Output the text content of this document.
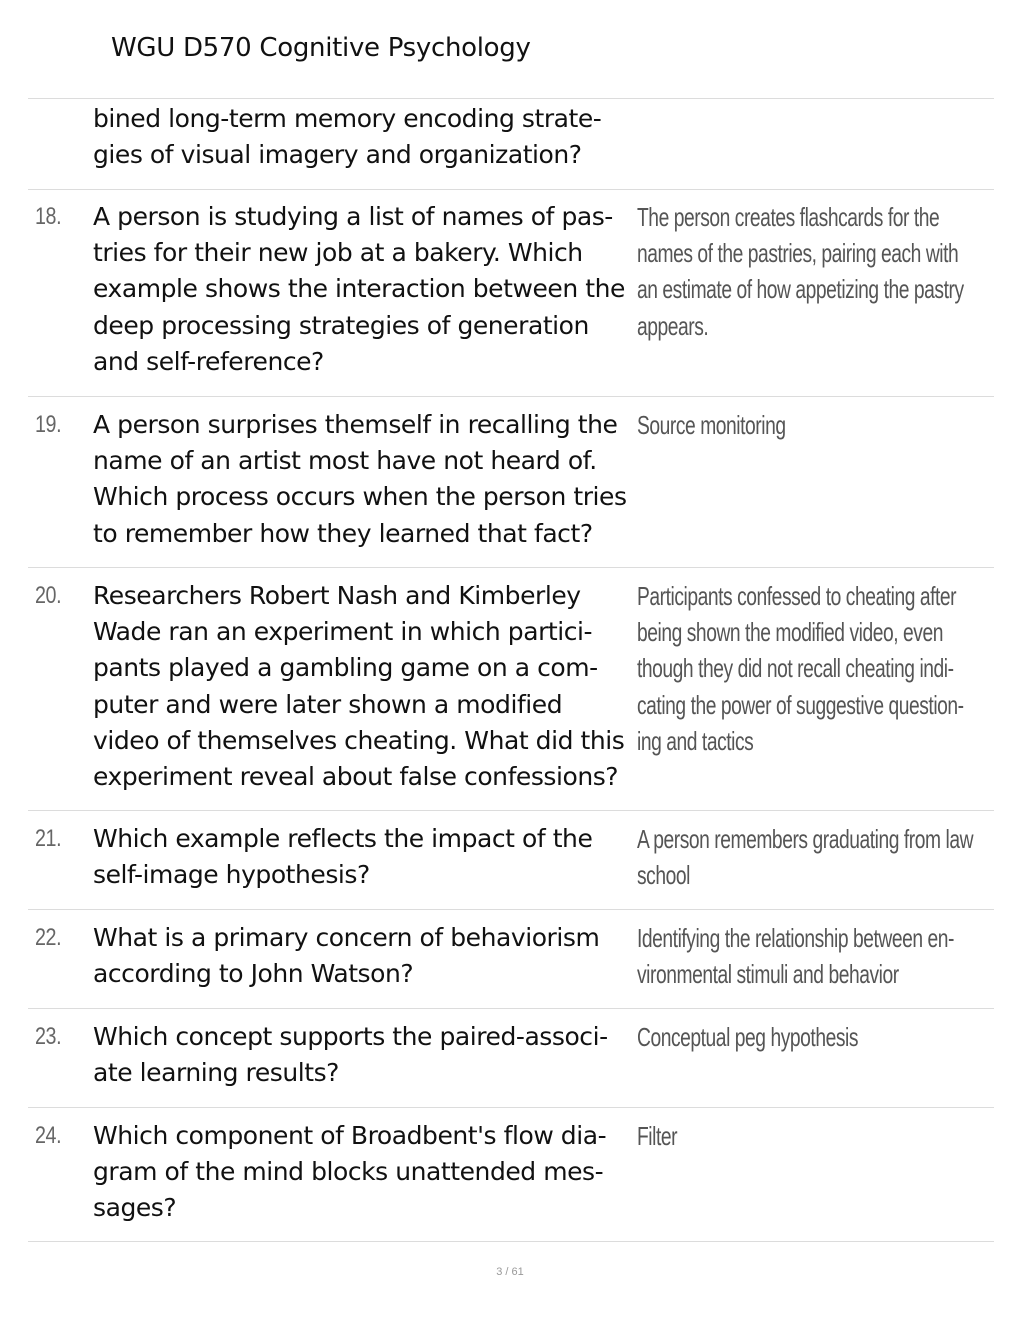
WGU D570 Cognitive Psychology
bined long-term memory encoding strate-
gies of visual imagery and organization?
18. A person is studying a list of names of pas-
tries for their new job at a bakery. Which
example shows the interaction between the
deep processing strategies of generation
and self-reference?
The person creates flashcards for the
names of the pastries, pairing each with
an estimate of how appetizing the pastry
appears.
19. A person surprises themself in recalling the
name of an artist most have not heard of.
Which process occurs when the person tries
to remember how they learned that fact?
Source monitoring
20. Researchers Robert Nash and Kimberley
Wade ran an experiment in which partici-
pants played a gambling game on a com-
puter and were later shown a modified
video of themselves cheating. What did this
experiment reveal about false confessions?
Participants confessed to cheating after
being shown the modified video, even
though they did not recall cheating indi-
cating the power of suggestive question-
ing and tactics
21. Which example reflects the impact of the
self-image hypothesis?
A person remembers graduating from law
school
22. What is a primary concern of behaviorism
according to John Watson?
Identifying the relationship between en-
vironmental stimuli and behavior
23. Which concept supports the paired-associ-
ate learning results?
Conceptual peg hypothesis
24. Which component of Broadbent's flow dia-
gram of the mind blocks unattended mes-
sages?
Filter
3 / 61
